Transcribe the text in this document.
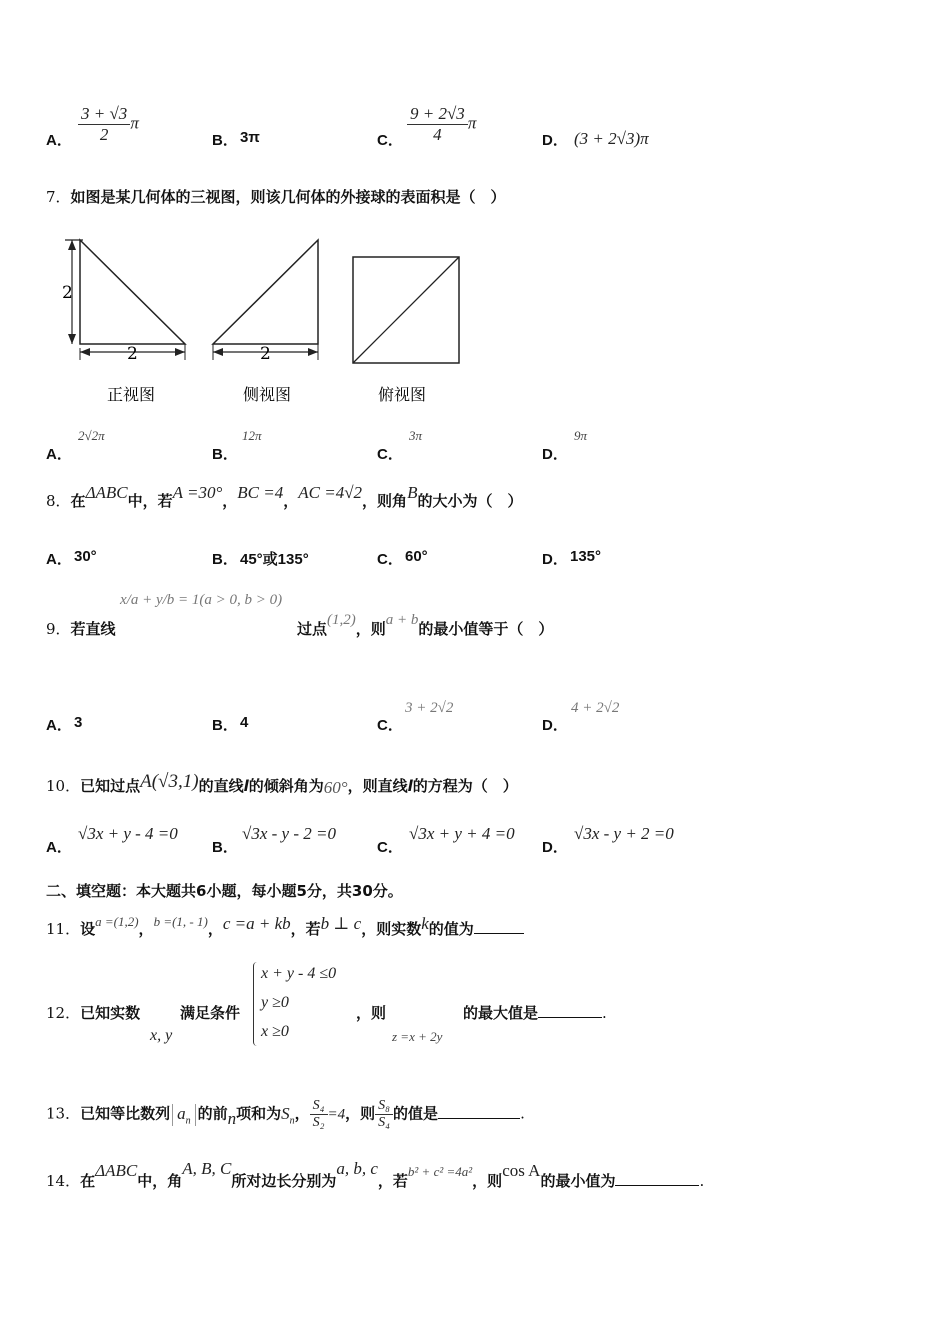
A． $\frac{3 + √3}{2}$ π
B． 3π	C． $\frac{9 + 2√3}{4}$ π
D． (3 + 2√3)π
7．如图是某几何体的三视图，则该几何体的外接球的表面积是（　）
2
2
正视图
2
侧视图	俯视图
A．
2√2π
B．
12π
C．
3π
D．
9π
8．在ΔABC中，若A =30°，BC =4，AC =4√2，则角B的大小为（　）
A． 30°	B． 45°或135°	C． 60°	D． 135°
9．若直线
x/a + y/b = 1(a > 0, b > 0)
过点(1,2)，则a + b的最小值等于（　）
A． 3	B． 4	C．
3 + 2√2
D．
4 + 2√2
10．已知过点A(√3,1)的直线l的倾斜角为60°，则直线l的方程为（　）
A．
√3x + y - 4 =0
B．
√3x - y - 2 =0
C．
√3x + y + 4 =0
D．
√3x - y + 2 =0
二、填空题：本大题共6小题，每小题5分，共30分。
11．设a =(1,2)，b =(1, - 1)，c =a + kb，若b ⊥ c，则实数k的值为
12．已知实数
x, y
满足条件
x + y - 4 ≤0
y ≥0
x ≥0
，则
z =x + 2y
的最大值是	.
13．已知等比数列 $a_n$ 的前n项和为$S_n$， $\frac{\text{S₄}}{\text{S₂}} =4$，则 $\frac{\text{S₈}}{\text{S₄}}$ 的值是	.
14．在ΔABC中，角A, B, C所对边长分别为a, b, c，若b² + c² =4a²，则cos A的最小值为	.
